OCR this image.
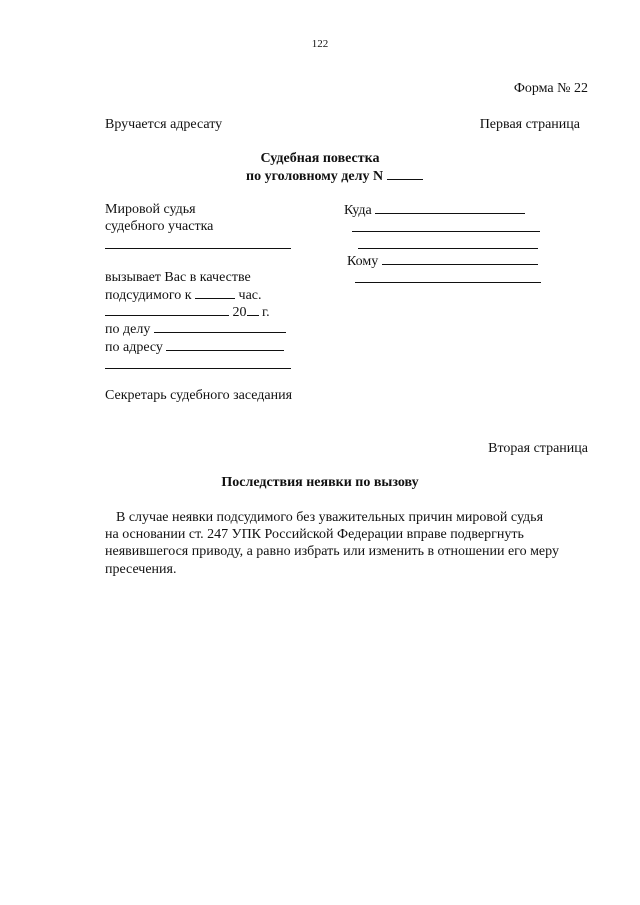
122
Форма № 22
Вручается адресату	Первая страница
Судебная повестка
по уголовному делу N
Мировой судья
судебного участка
вызывает Вас в качестве
подсудимого к	час.
20 г.
по делу
по адресу
Секретарь судебного заседания
Куда
Кому
Вторая страница
Последствия неявки по вызову
В случае неявки подсудимого без уважительных причин мировой судья
на основании ст. 247 УПК Российской Федерации вправе подвергнуть
неявившегося приводу, а равно избрать или изменить в отношении его меру
пресечения.
